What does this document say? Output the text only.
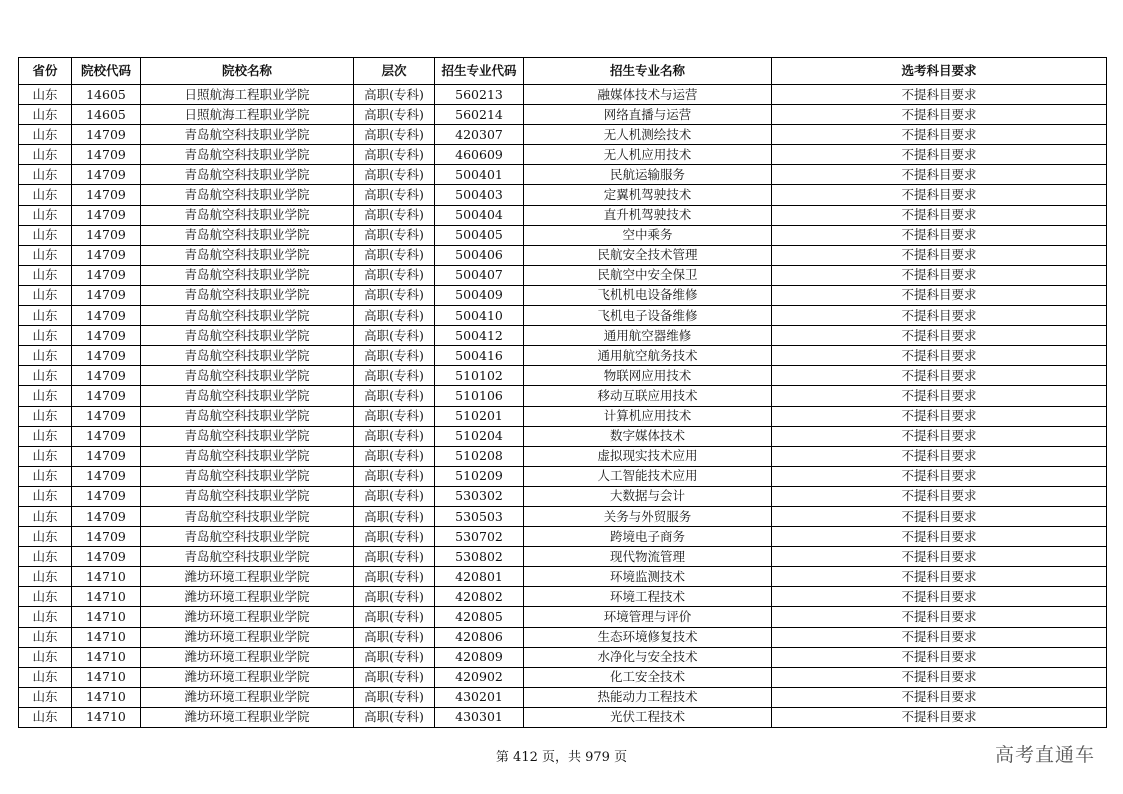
省份	院校代码	院校名称	层次	招生专业代码	招生专业名称	选考科目要求
山东	14605	日照航海工程职业学院	高职(专科)	560213	融媒体技术与运营	不提科目要求
山东	14605	日照航海工程职业学院	高职(专科)	560214	网络直播与运营	不提科目要求
山东	14709	青岛航空科技职业学院	高职(专科)	420307	无人机测绘技术	不提科目要求
山东	14709	青岛航空科技职业学院	高职(专科)	460609	无人机应用技术	不提科目要求
山东	14709	青岛航空科技职业学院	高职(专科)	500401	民航运输服务	不提科目要求
山东	14709	青岛航空科技职业学院	高职(专科)	500403	定翼机驾驶技术	不提科目要求
山东	14709	青岛航空科技职业学院	高职(专科)	500404	直升机驾驶技术	不提科目要求
山东	14709	青岛航空科技职业学院	高职(专科)	500405	空中乘务	不提科目要求
山东	14709	青岛航空科技职业学院	高职(专科)	500406	民航安全技术管理	不提科目要求
山东	14709	青岛航空科技职业学院	高职(专科)	500407	民航空中安全保卫	不提科目要求
山东	14709	青岛航空科技职业学院	高职(专科)	500409	飞机机电设备维修	不提科目要求
山东	14709	青岛航空科技职业学院	高职(专科)	500410	飞机电子设备维修	不提科目要求
山东	14709	青岛航空科技职业学院	高职(专科)	500412	通用航空器维修	不提科目要求
山东	14709	青岛航空科技职业学院	高职(专科)	500416	通用航空航务技术	不提科目要求
山东	14709	青岛航空科技职业学院	高职(专科)	510102	物联网应用技术	不提科目要求
山东	14709	青岛航空科技职业学院	高职(专科)	510106	移动互联应用技术	不提科目要求
山东	14709	青岛航空科技职业学院	高职(专科)	510201	计算机应用技术	不提科目要求
山东	14709	青岛航空科技职业学院	高职(专科)	510204	数字媒体技术	不提科目要求
山东	14709	青岛航空科技职业学院	高职(专科)	510208	虚拟现实技术应用	不提科目要求
山东	14709	青岛航空科技职业学院	高职(专科)	510209	人工智能技术应用	不提科目要求
山东	14709	青岛航空科技职业学院	高职(专科)	530302	大数据与会计	不提科目要求
山东	14709	青岛航空科技职业学院	高职(专科)	530503	关务与外贸服务	不提科目要求
山东	14709	青岛航空科技职业学院	高职(专科)	530702	跨境电子商务	不提科目要求
山东	14709	青岛航空科技职业学院	高职(专科)	530802	现代物流管理	不提科目要求
山东	14710	潍坊环境工程职业学院	高职(专科)	420801	环境监测技术	不提科目要求
山东	14710	潍坊环境工程职业学院	高职(专科)	420802	环境工程技术	不提科目要求
山东	14710	潍坊环境工程职业学院	高职(专科)	420805	环境管理与评价	不提科目要求
山东	14710	潍坊环境工程职业学院	高职(专科)	420806	生态环境修复技术	不提科目要求
山东	14710	潍坊环境工程职业学院	高职(专科)	420809	水净化与安全技术	不提科目要求
山东	14710	潍坊环境工程职业学院	高职(专科)	420902	化工安全技术	不提科目要求
山东	14710	潍坊环境工程职业学院	高职(专科)	430201	热能动力工程技术	不提科目要求
山东	14710	潍坊环境工程职业学院	高职(专科)	430301	光伏工程技术	不提科目要求
第 412 页，共 979 页	高考直通车
